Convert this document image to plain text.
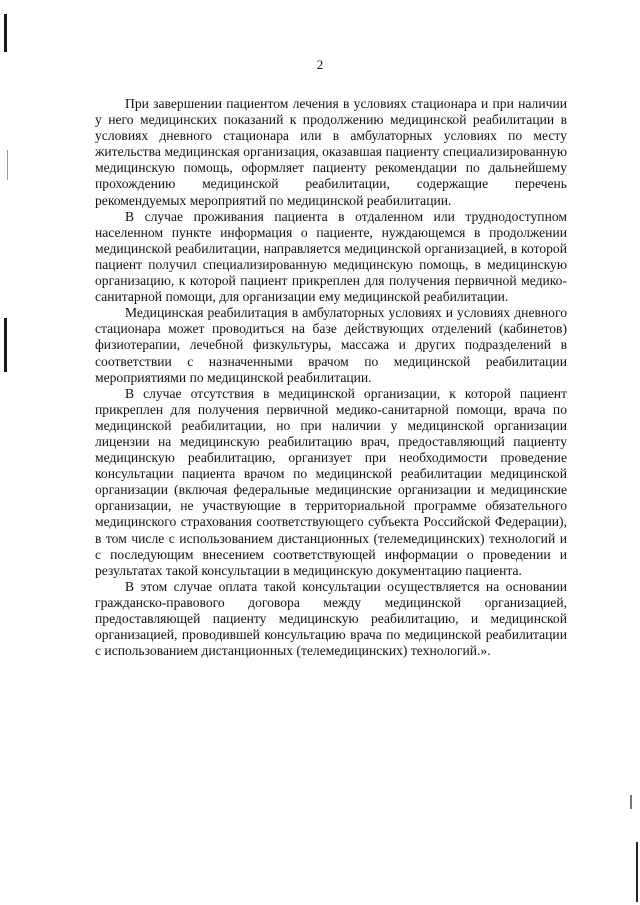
2

При завершении пациентом лечения в условиях стационара и при наличии у него медицинских показаний к продолжению медицинской реабилитации в условиях дневного стационара или в амбулаторных условиях по месту жительства медицинская организация, оказавшая пациенту специализированную медицинскую помощь, оформляет пациенту рекомендации по дальнейшему прохождению медицинской реабилитации, содержащие перечень рекомендуемых мероприятий по медицинской реабилитации.

В случае проживания пациента в отдаленном или труднодоступном населенном пункте информация о пациенте, нуждающемся в продолжении медицинской реабилитации, направляется медицинской организацией, в которой пациент получил специализированную медицинскую помощь, в медицинскую организацию, к которой пациент прикреплен для получения первичной медико-санитарной помощи, для организации ему медицинской реабилитации.

Медицинская реабилитация в амбулаторных условиях и условиях дневного стационара может проводиться на базе действующих отделений (кабинетов) физиотерапии, лечебной физкультуры, массажа и других подразделений в соответствии с назначенными врачом по медицинской реабилитации мероприятиями по медицинской реабилитации.

В случае отсутствия в медицинской организации, к которой пациент прикреплен для получения первичной медико-санитарной помощи, врача по медицинской реабилитации, но при наличии у медицинской организации лицензии на медицинскую реабилитацию врач, предоставляющий пациенту медицинскую реабилитацию, организует при необходимости проведение консультации пациента врачом по медицинской реабилитации медицинской организации (включая федеральные медицинские организации и медицинские организации, не участвующие в территориальной программе обязательного медицинского страхования соответствующего субъекта Российской Федерации), в том числе с использованием дистанционных (телемедицинских) технологий и с последующим внесением соответствующей информации о проведении и результатах такой консультации в медицинскую документацию пациента.

В этом случае оплата такой консультации осуществляется на основании гражданско-правового договора между медицинской организацией, предоставляющей пациенту медицинскую реабилитацию, и медицинской организацией, проводившей консультацию врача по медицинской реабилитации с использованием дистанционных (телемедицинских) технологий.».
